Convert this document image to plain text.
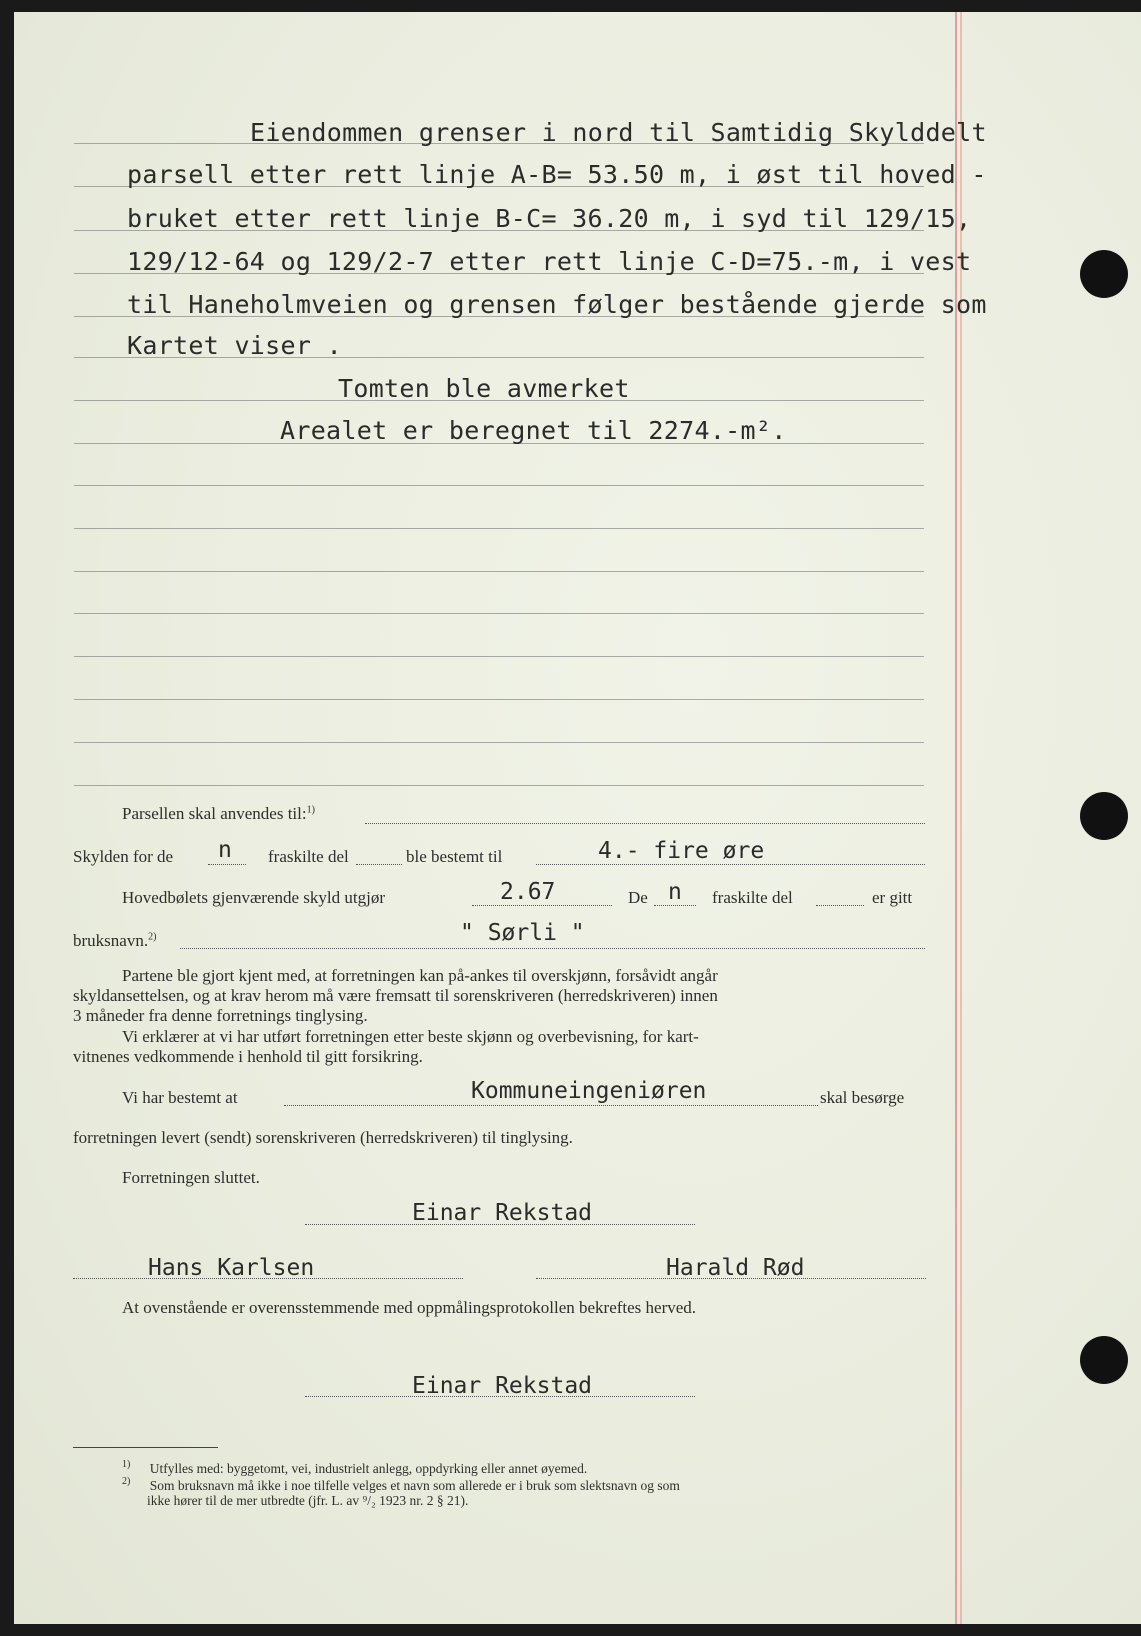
Eiendommen grenser i nord til Samtidig Skylddelt
parsell etter rett linje A-B= 53.50 m, i øst til hoved -
bruket etter rett linje B-C= 36.20 m, i syd til 129/15,
129/12-64 og 129/2-7 etter rett linje C-D=75.-m, i vest
til Haneholmveien og grensen følger bestående gjerde som
Kartet viser .
Tomten ble avmerket
Arealet er beregnet til 2274.-m².
Parsellen skal anvendes til:$^{1)}$
Skylden for de n fraskilte del	ble bestemt til	4.- fire øre
Hovedbølets gjenværende skyld utgjør	2.67	De n fraskilte del	er gitt
bruksnavn.$^{2)}$	" Sørli "
Partene ble gjort kjent med, at forretningen kan på-ankes til overskjønn, forsåvidt angår
skyldansettelsen, og at krav herom må være fremsatt til sorenskriveren (herredskriveren) innen
3 måneder fra denne forretnings tinglysing.
Vi erklærer at vi har utført forretningen etter beste skjønn og overbevisning, for kart-
vitnenes vedkommende i henhold til gitt forsikring.
Vi har bestemt at	Kommuneingeniøren	skal besørge
forretningen levert (sendt) sorenskriveren (herredskriveren) til tinglysing.
Forretningen sluttet.
Einar Rekstad
Hans Karlsen	Harald Rød
At ovenstående er overensstemmende med oppmålingsprotokollen bekreftes herved.
Einar Rekstad
$^{1)}$ Utfylles med: byggetomt, vei, industrielt anlegg, oppdyrking eller annet øyemed.
$^{2)}$ Som bruksnavn må ikke i noe tilfelle velges et navn som allerede er i bruk som slektsnavn og som
ikke hører til de mer utbredte (jfr. L. av ⁹/₂ 1923 nr. 2 § 21).
